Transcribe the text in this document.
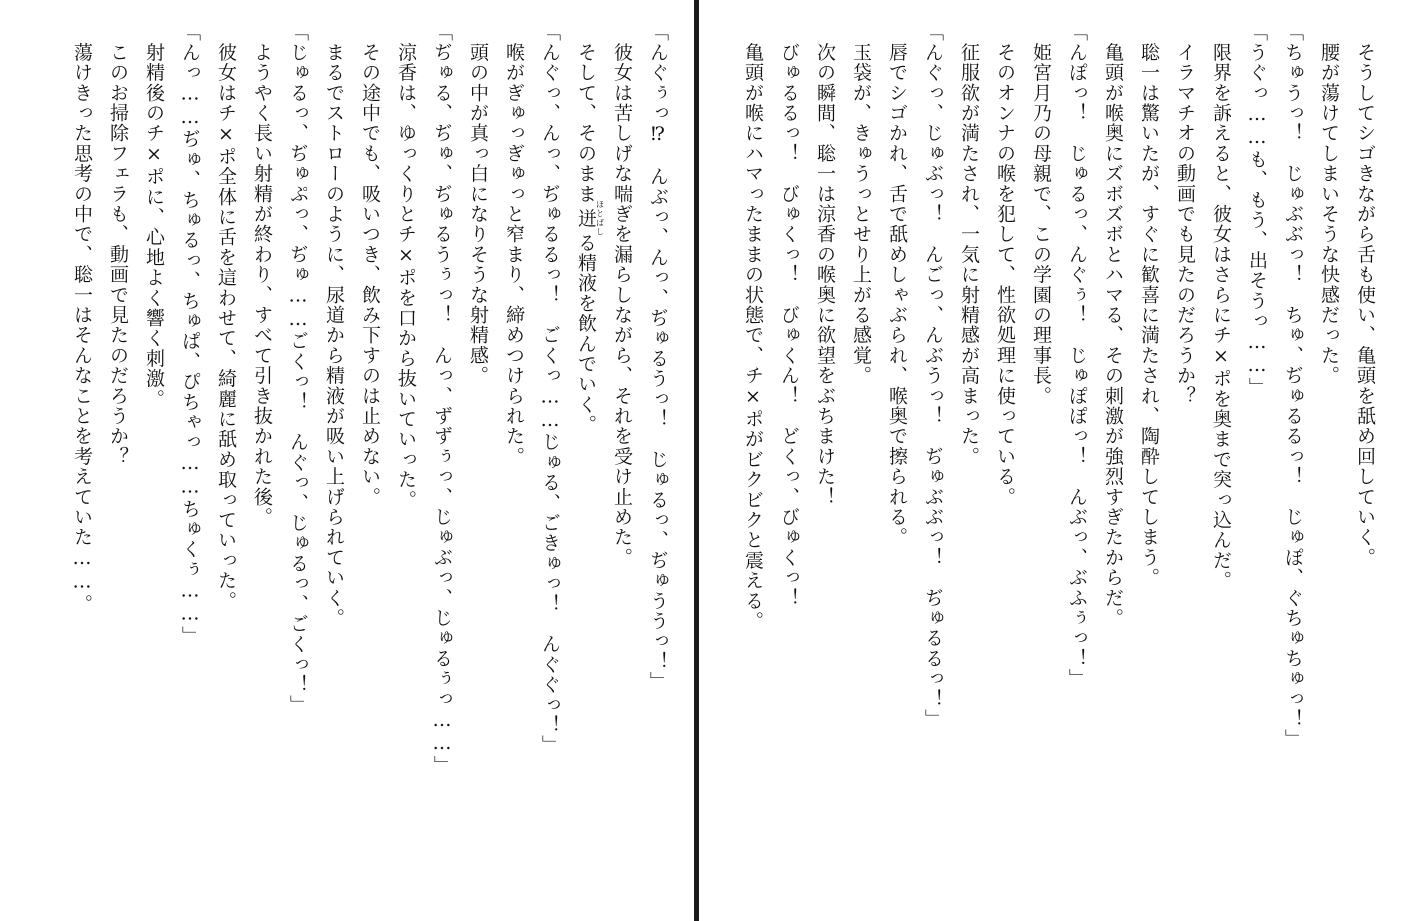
「んぐぅっ⁉　んぶっ、んっ、ぢゅるうっ！　じゅるっ、ぢゅううっ！」
　彼女は苦しげな喘ぎを漏らしながら、それを受け止めた。
　そして、そのまま迸ほとばしる精液を飲んでいく。
「んぐっ、んっ、ぢゅるるっ！　ごくっ……じゅる、ごきゅっ！　んぐぐっ！」
　喉がぎゅっぎゅっと窄まり、締めつけられた。
　頭の中が真っ白になりそうな射精感。
「ぢゅる、ぢゅ、ぢゅるうぅっ！　んっ、ずずぅっ、じゅぶっ、じゅるぅっ……」
　涼香は、ゆっくりとチ×ポを口から抜いていった。
　その途中でも、吸いつき、飲み下すのは止めない。
　まるでストローのように、尿道から精液が吸い上げられていく。
「じゅるっ、ぢゅぷっ、ぢゅ……ごくっ！　んぐっ、じゅるっ、ごくっ！」
　ようやく長い射精が終わり、すべて引き抜かれた後。
　彼女はチ×ポ全体に舌を這わせて、綺麗に舐め取っていった。
「んっ……ぢゅ、ちゅるっ、ちゅぱ、ぴちゃっ……ちゅくぅ……」
　射精後のチ×ポに、心地よく響く刺激。
　このお掃除フェラも、動画で見たのだろうか？
　蕩けきった思考の中で、聡一はそんなことを考えていた……。	　そうしてシゴきながら舌も使い、亀頭を舐め回していく。
　腰が蕩けてしまいそうな快感だった。
「ちゅうっ！　じゅぶぶっ！　ちゅ、ぢゅるるっ！　じゅぽ、ぐちゅちゅっ！」
「うぐっ……も、もう、出そうっ……」
　限界を訴えると、彼女はさらにチ×ポを奥まで突っ込んだ。
　イラマチオの動画でも見たのだろうか？
　聡一は驚いたが、すぐに歓喜に満たされ、陶酔してしまう。
　亀頭が喉奥にズボズボとハマる、その刺激が強烈すぎたからだ。
「んぽっ！　じゅるっ、んぐぅ！　じゅぽぽっ！　んぶっ、ぶふぅっ！」
　姫宮月乃の母親で、この学園の理事長。
　そのオンナの喉を犯して、性欲処理に使っている。
　征服欲が満たされ、一気に射精感が高まった。
「んぐっ、じゅぶっ！　んごっ、んぶうっ！　ぢゅぶぶっ！　ぢゅるるっ！」
　唇でシゴかれ、舌で舐めしゃぶられ、喉奥で擦られる。
　玉袋が、きゅうっとせり上がる感覚。
　次の瞬間、聡一は涼香の喉奥に欲望をぶちまけた！
　びゅるるっ！　びゅくっ！　びゅくん！　どくっ、びゅくっ！
　亀頭が喉にハマったままの状態で、チ×ポがビクビクと震える。
